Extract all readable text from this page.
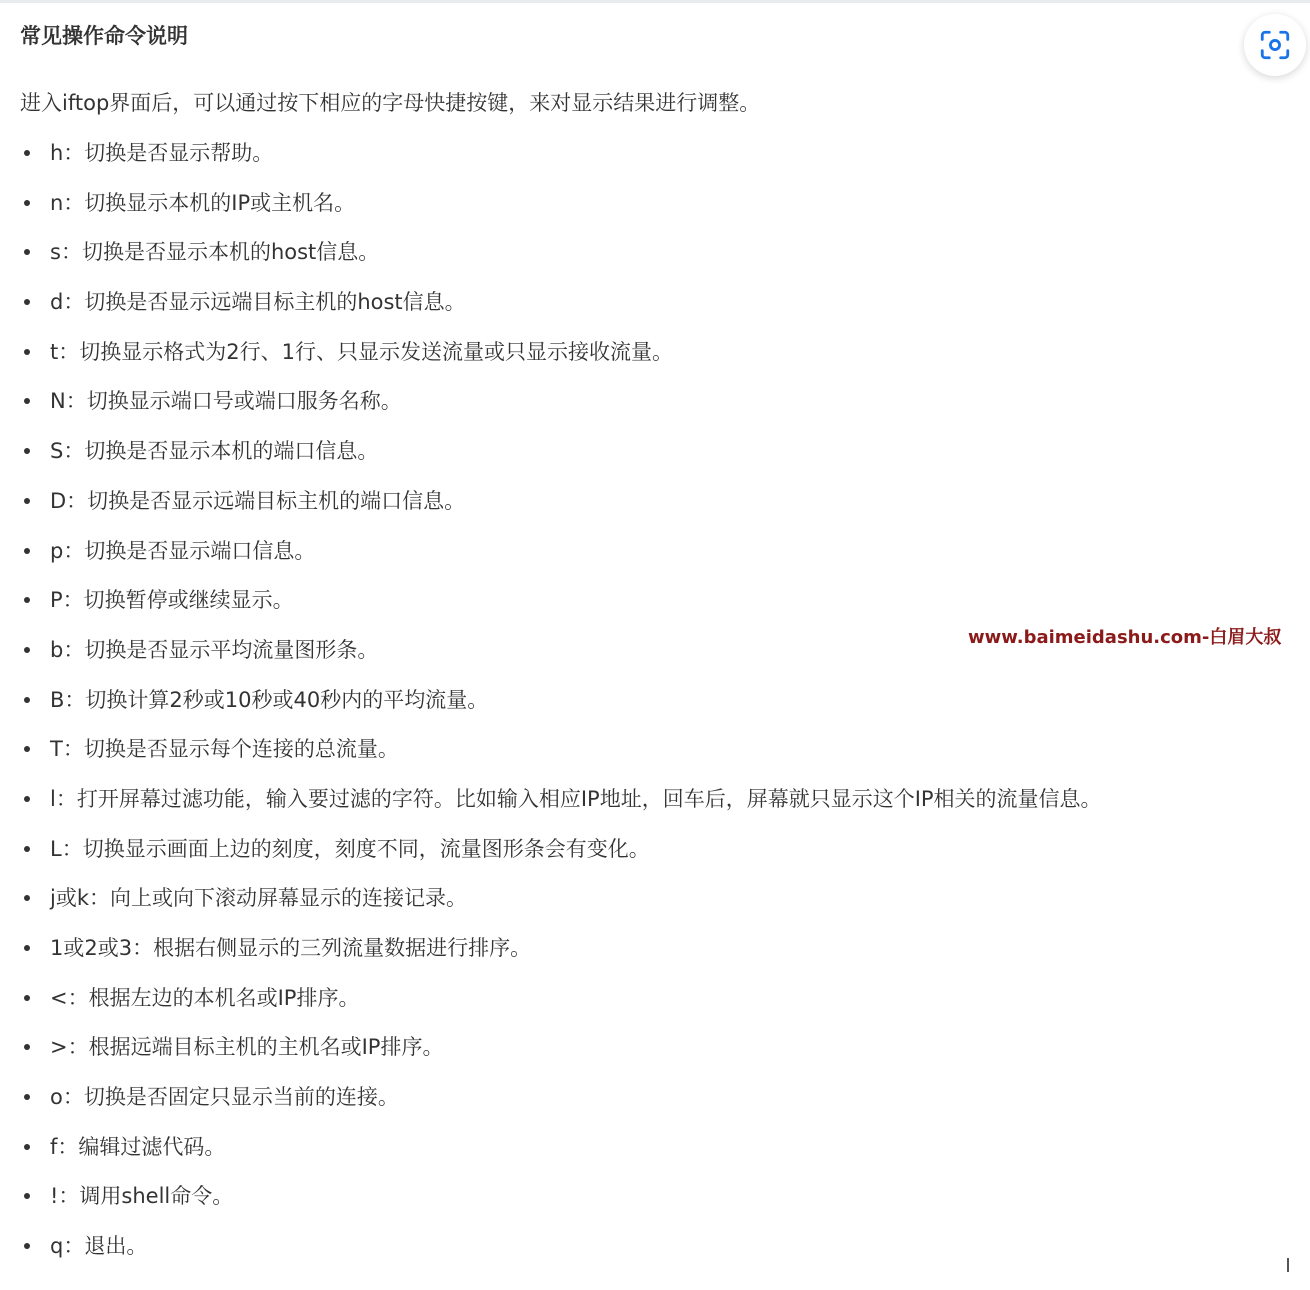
常见操作命令说明
进入iftop界面后，可以通过按下相应的字母快捷按键，来对显示结果进行调整。
h：切换是否显示帮助。
n：切换显示本机的IP或主机名。
s：切换是否显示本机的host信息。
d：切换是否显示远端目标主机的host信息。
t：切换显示格式为2行、1行、只显示发送流量或只显示接收流量。
N：切换显示端口号或端口服务名称。
S：切换是否显示本机的端口信息。
D：切换是否显示远端目标主机的端口信息。
p：切换是否显示端口信息。
P：切换暂停或继续显示。
b：切换是否显示平均流量图形条。
B：切换计算2秒或10秒或40秒内的平均流量。
T：切换是否显示每个连接的总流量。
l：打开屏幕过滤功能，输入要过滤的字符。比如输入相应IP地址，回车后，屏幕就只显示这个IP相关的流量信息。
L：切换显示画面上边的刻度，刻度不同，流量图形条会有变化。
j或k：向上或向下滚动屏幕显示的连接记录。
1或2或3：根据右侧显示的三列流量数据进行排序。
<：根据左边的本机名或IP排序。
>：根据远端目标主机的主机名或IP排序。
o：切换是否固定只显示当前的连接。
f：编辑过滤代码。
!：调用shell命令。
q：退出。
www.baimeidashu.com-白眉大叔
